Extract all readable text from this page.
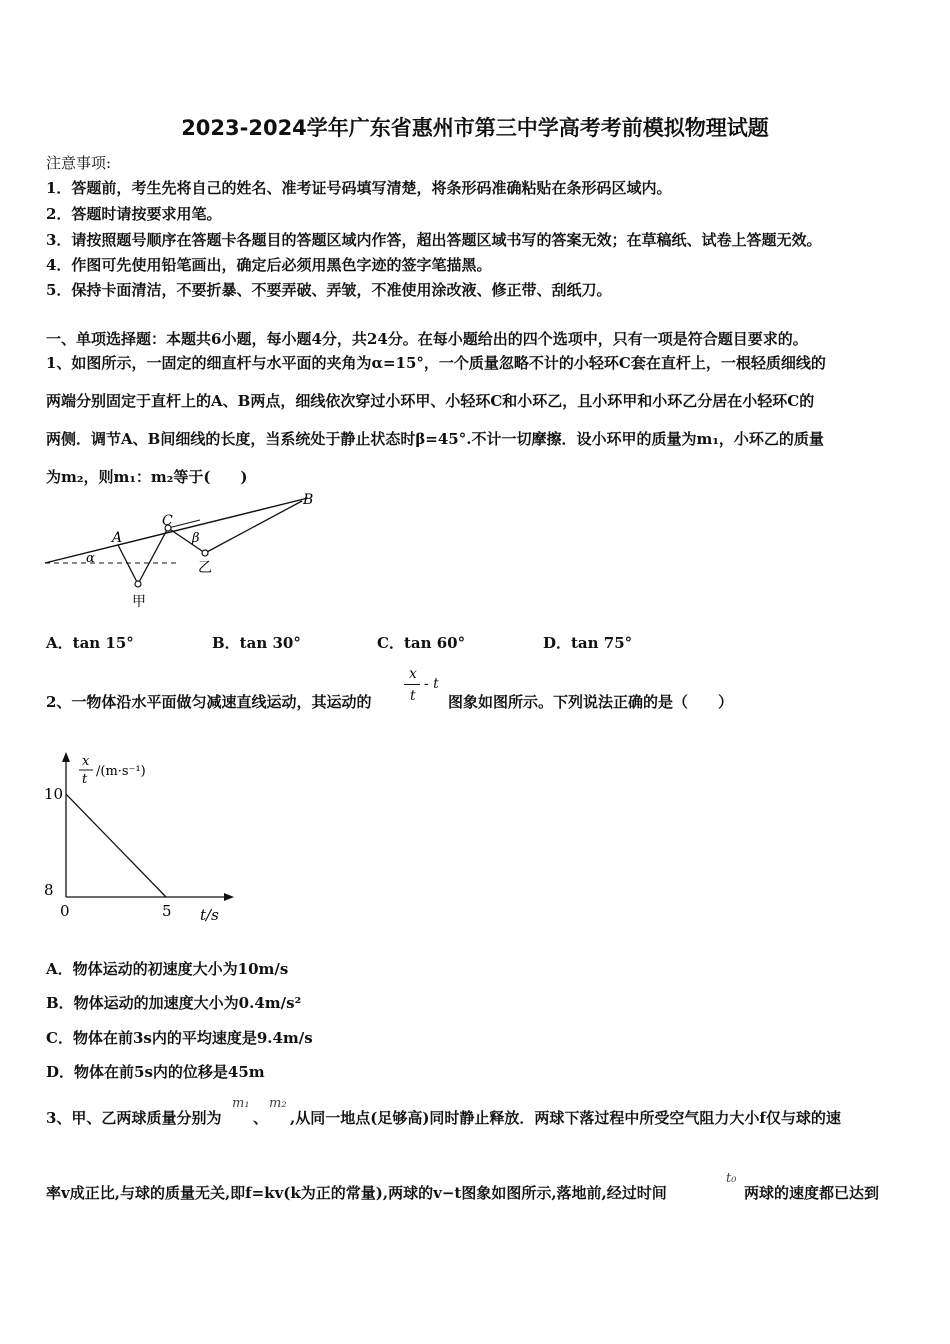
2023-2024学年广东省惠州市第三中学高考考前模拟物理试题
注意事项:
1．答题前，考生先将自己的姓名、准考证号码填写清楚，将条形码准确粘贴在条形码区域内。
2．答题时请按要求用笔。
3．请按照题号顺序在答题卡各题目的答题区域内作答，超出答题区域书写的答案无效；在草稿纸、试卷上答题无效。
4．作图可先使用铅笔画出，确定后必须用黑色字迹的签字笔描黑。
5．保持卡面清洁，不要折暴、不要弄破、弄皱，不准使用涂改液、修正带、刮纸刀。
一、单项选择题：本题共6小题，每小题4分，共24分。在每小题给出的四个选项中，只有一项是符合题目要求的。
1、如图所示，一固定的细直杆与水平面的夹角为α=15°，一个质量忽略不计的小轻环C套在直杆上，一根轻质细线的
两端分别固定于直杆上的A、B两点，细线依次穿过小环甲、小轻环C和小环乙，且小环甲和小环乙分居在小轻环C的
两侧．调节A、B间细线的长度，当系统处于静止状态时β=45°.不计一切摩擦．设小环甲的质量为m₁，小环乙的质量
为m₂，则m₁：m₂等于(　　)
A
B
C
α
β
甲
乙
A．tan 15°	B．tan 30°	C．tan 60°	D．tan 75°
2、一物体沿水平面做匀减速直线运动，其运动的
x
t
- t
图象如图所示。下列说法正确的是（　　）
x
t
/(m·s⁻¹)
t/s
10
8
0	5
A．物体运动的初速度大小为10m/s
B．物体运动的加速度大小为0.4m/s²
C．物体在前3s内的平均速度是9.4m/s
D．物体在前5s内的位移是45m
3、甲、乙两球质量分别为
m₁
、
m₂
,从同一地点(足够高)同时静止释放．两球下落过程中所受空气阻力大小f仅与球的速
率v成正比,与球的质量无关,即f=kv(k为正的常量),两球的v−t图象如图所示,落地前,经过时间
t₀
两球的速度都已达到
